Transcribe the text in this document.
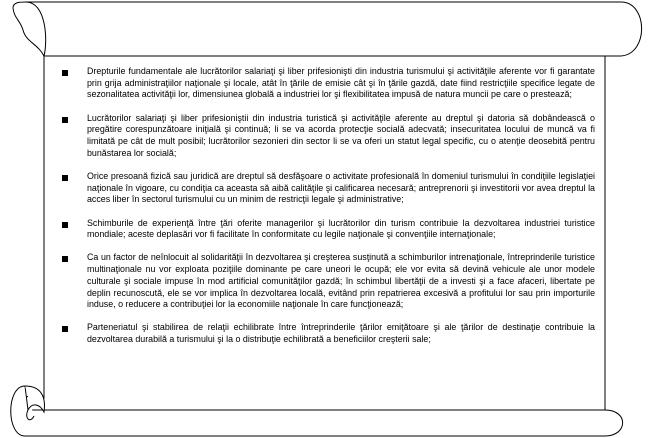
Drepturile fundamentale ale lucrătorilor salariaţi şi liber prifesionişti din industria turismului şi activităţile aferente vor fi garantate prin grija administraţiilor naţionale şi locale, atât în ţările de emisie cât şi în ţările gazdă, date fiind restricţiile specifice legate de sezonalitatea activităţii lor, dimensiunea globală a industriei lor şi flexibilitatea impusă de natura muncii pe care o prestează;
Lucrătorilor salariaţi şi liber prifesioniştii din industria turistică şi activităţile aferente au dreptul şi datoria să dobândească o pregătire corespunzătoare iniţială şi continuă; li se va acorda protecţie socială adecvată; insecuritatea locului de muncă va fi limitată pe cât de mult posibil; lucrătorilor sezonieri din sector li se va oferi un statut legal specific, cu o atenţie deosebită pentru bunăstarea lor socială;
Orice presoană fizică sau juridică are dreptul să desfăşoare o activitate profesională în domeniul turismului în condiţiile legislaţiei naţionale în vigoare, cu condiţia ca aceasta să aibă calităţile şi calificarea necesară; antreprenorii şi investitorii vor avea dreptul la acces liber în sectorul turismului cu un minim de restricţii legale şi administrative;
Schimburile de experienţă între ţări oferite managerilor şi lucrătorilor din turism contribuie la dezvoltarea industriei turistice mondiale; aceste deplasări vor fi facilitate în conformitate cu legile naţionale şi convenţiile internaţionale;
Ca un factor de neînlocuit al solidarităţii în dezvoltarea şi creşterea susţinută a schimburilor intrenaţionale, întreprinderile turistice multinaţionale nu vor exploata poziţiile dominante pe care uneori le ocupă; ele vor evita să devină vehicule ale unor modele culturale şi sociale impuse în mod artificial comunităţilor gazdă; în schimbul libertăţii de a investi şi a face afaceri, libertate pe deplin recunoscută, ele se vor implica în dezvoltarea locală, evitând prin repatrierea excesivă a profitului lor sau prin importurile induse, o reducere a contribuţiei lor la economiile naţionale în care funcţionează;
Parteneriatul şi stabilirea de relaţii echilibrate între întreprinderile ţărilor emiţătoare şi ale ţărilor de destinaţie contribuie la dezvoltarea durabilă a turismului şi la o distribuţie echilibrată a beneficiilor creşterii sale;
